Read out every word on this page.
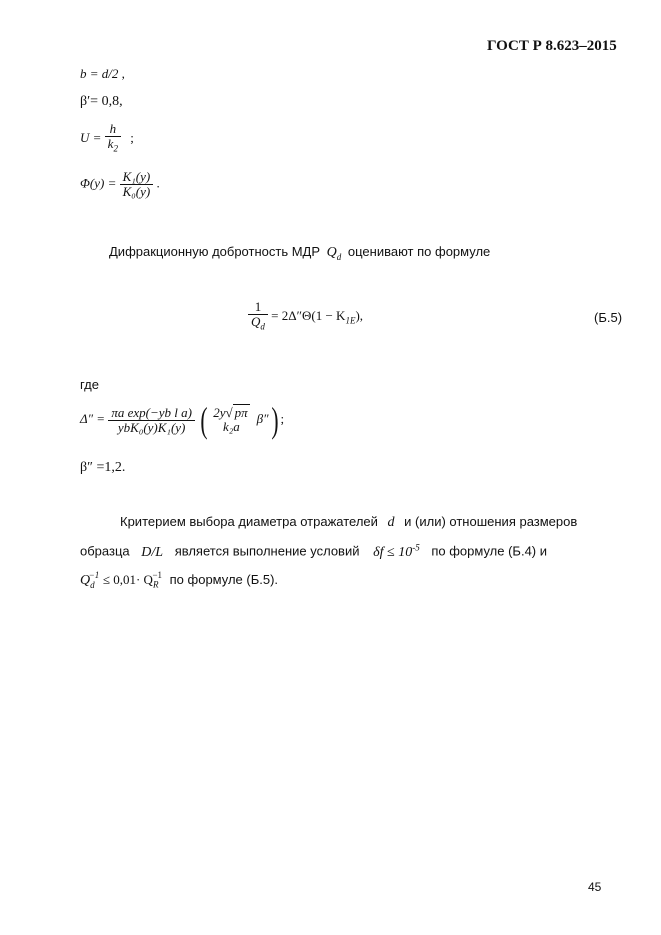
ГОСТ Р 8.623–2015
b = d/2 ,
β′= 0,8,
$U = \frac{h}{k_2}$ ;
$\Phi(y) = \frac{\text{K₁(y)}}{\text{K₀(y)}}$ .
Дифракционную добротность МДР $Q_d$ оценивают по формуле
$\frac{1}{Q_d} = 2\Delta''\Theta(1 - K_{1E})$,	(Б.5)
где
$\Delta'' = \frac{\text{πa exp(−yb l a)}}{\text{ybK₀(y)K₁(y)}}$ ( 2y√ pπ
k₂a
β″) ;
β″ =1,2.
Критерием выбора диаметра отражателей d и (или) отношения размеров
образца D/L является выполнение условий $\delta f \le 10^{-5}$ по формуле (Б.4) и
$Q_d^{-1} \le 0,01\cdot Q_R^{-1}$ по формуле (Б.5).
45
